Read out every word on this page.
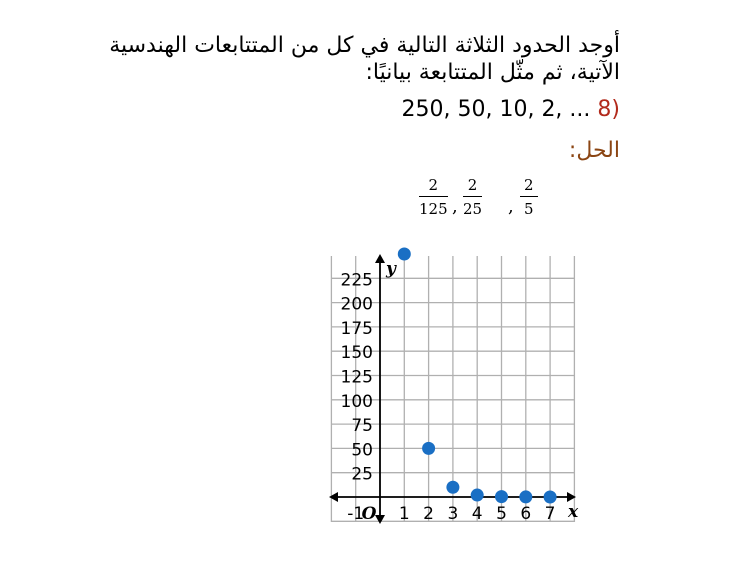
أوجد الحدود الثلاثة التالية في كل من المتتابعات الهندسية
الآتية، ثم مثّل المتتابعة بيانيًا:
250, 50, 10, 2, ... 8)
الحل:
$\frac{2}{125}$ , $\frac{2}{25}$ , $\frac{2}{5}$
25
50
75
100
125
150
175
200
225
-1 1 2 3 4 5 6 7
O	x
y
